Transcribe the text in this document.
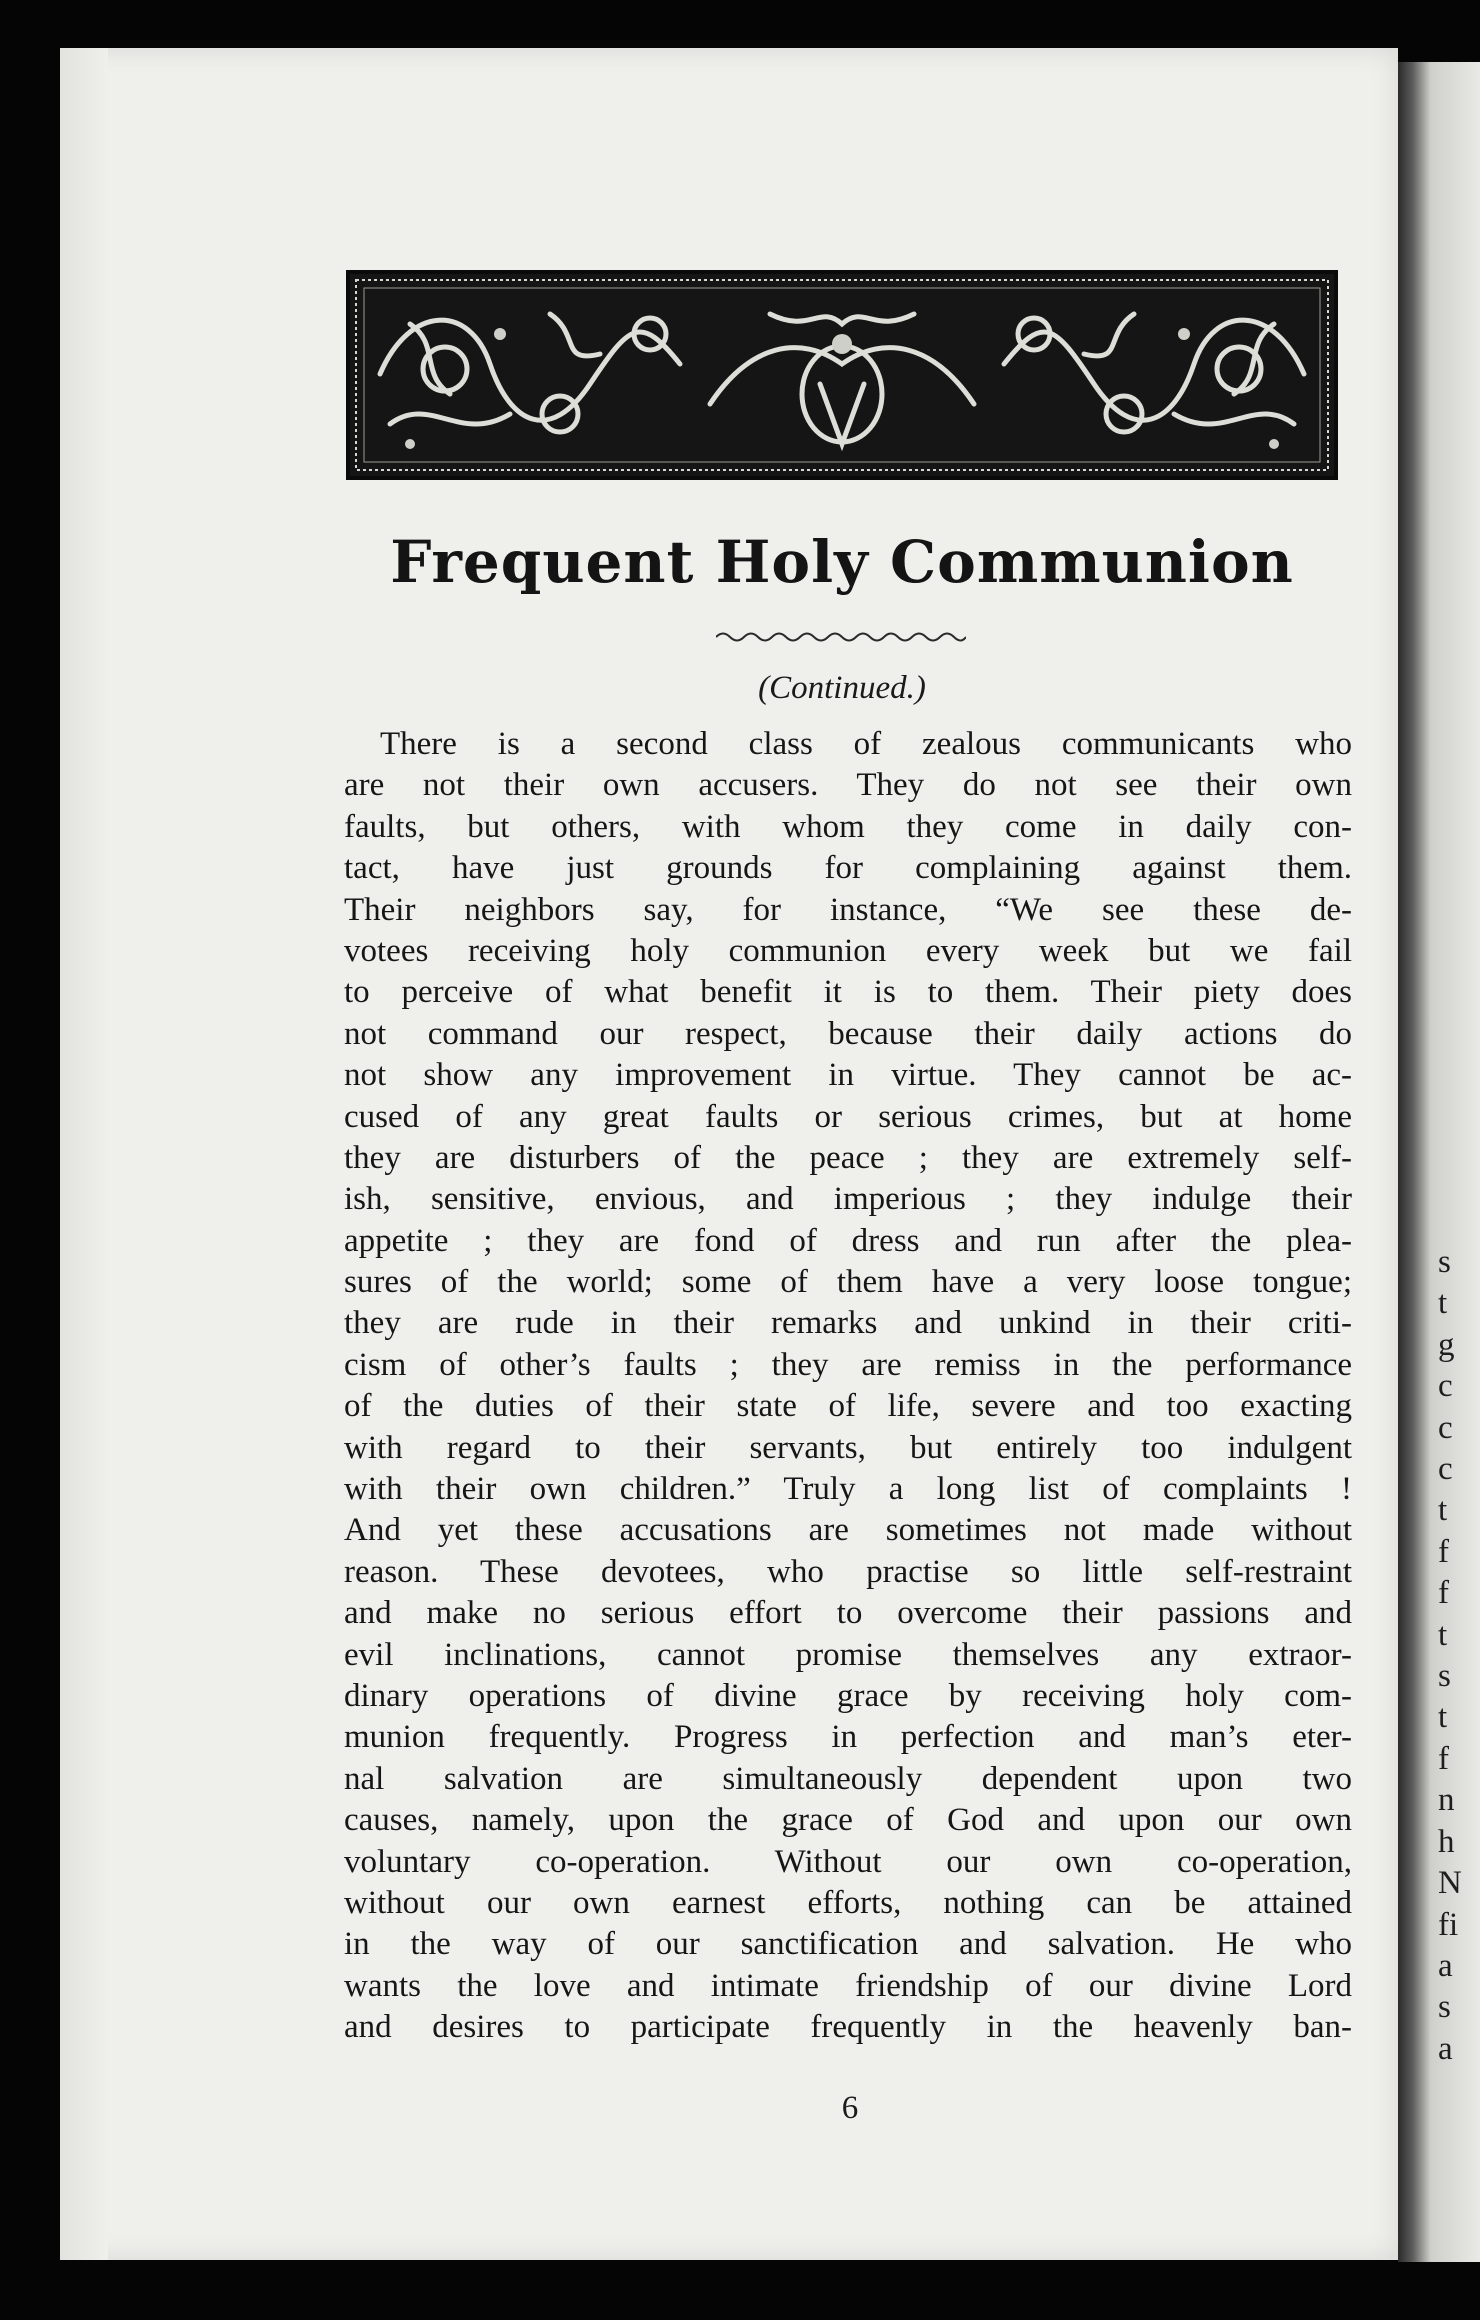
s
t
g
c
c
c
t
f
f
t
s
t
f
n
h
N
fi
a
s
a
Frequent Holy Communion
(Continued.)
There is a second class of zealous communicants who
are not their own accusers. They do not see their own
faults, but others, with whom they come in daily con-
tact, have just grounds for complaining against them.
Their neighbors say, for instance, “We see these de-
votees receiving holy communion every week but we fail
to perceive of what benefit it is to them. Their piety does
not command our respect, because their daily actions do
not show any improvement in virtue. They cannot be ac-
cused of any great faults or serious crimes, but at home
they are disturbers of the peace ; they are extremely self-
ish, sensitive, envious, and imperious ; they indulge their
appetite ; they are fond of dress and run after the plea-
sures of the world; some of them have a very loose tongue;
they are rude in their remarks and unkind in their criti-
cism of other’s faults ; they are remiss in the performance
of the duties of their state of life, severe and too exacting
with regard to their servants, but entirely too indulgent
with their own children.” Truly a long list of complaints !
And yet these accusations are sometimes not made without
reason. These devotees, who practise so little self-restraint
and make no serious effort to overcome their passions and
evil inclinations, cannot promise themselves any extraor-
dinary operations of divine grace by receiving holy com-
munion frequently. Progress in perfection and man’s eter-
nal salvation are simultaneously dependent upon two
causes, namely, upon the grace of God and upon our own
voluntary co-operation. Without our own co-operation,
without our own earnest efforts, nothing can be attained
in the way of our sanctification and salvation. He who
wants the love and intimate friendship of our divine Lord
and desires to participate frequently in the heavenly ban-
6
